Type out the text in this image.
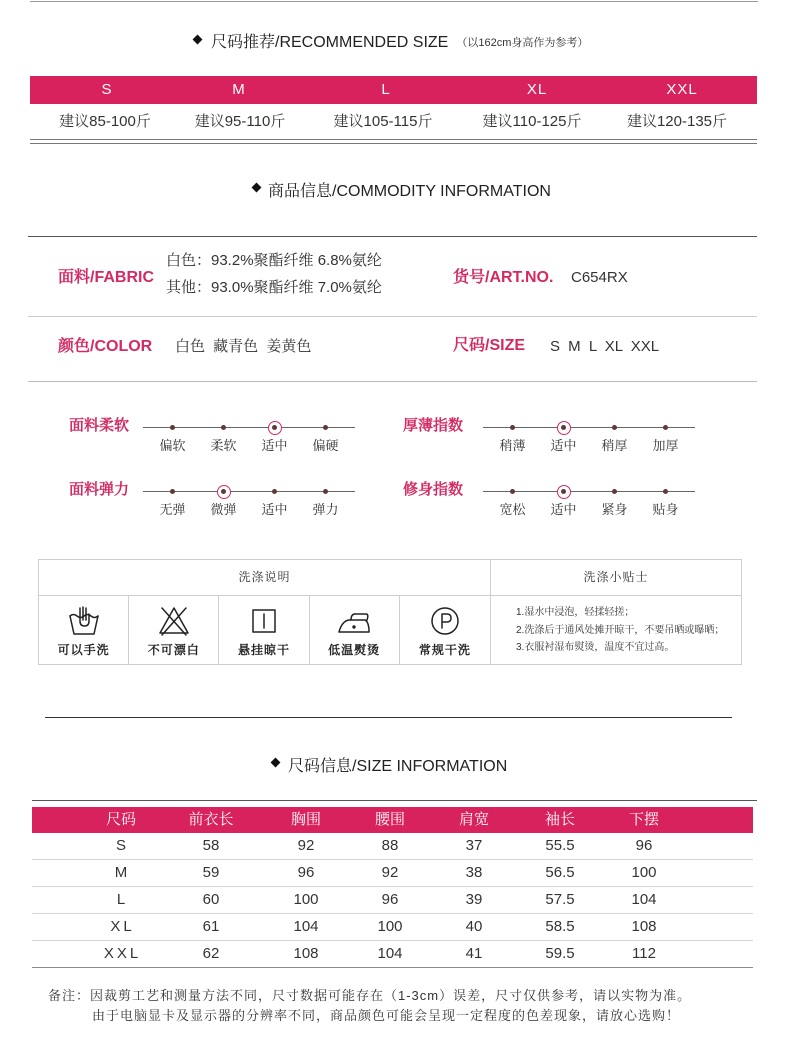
尺码推荐/RECOMMENDED SIZE （以162cm身高作为参考）
S	M	L	XL	XXL
建议85-100斤	建议95-110斤	建议105-115斤	建议110-125斤	建议120-135斤
商品信息/COMMODITY INFORMATION
面料/FABRIC
白色：93.2%聚酯纤维 6.8%氨纶
其他：93.0%聚酯纤维 7.0%氨纶
货号/ART.NO. C654RX
颜色/COLOR 白色 藏青色 姜黄色	尺码/SIZE S M L XL XXL
面料柔软
偏软 柔软 适中 偏硬
厚薄指数
稍薄 适中 稍厚 加厚
面料弹力
无弹 微弹 适中 弹力
修身指数
宽松 适中 紧身 贴身
洗涤说明	洗涤小贴士
可以手洗	不可漂白	悬挂晾干	低温熨烫	常规干洗
1.湿水中浸泡，轻揉轻搓；
2.洗涤后于通风处摊开晾干，不要吊晒或曝晒；
3.衣服衬湿布熨烫，温度不宜过高。
尺码信息/SIZE INFORMATION
尺码	前衣长	胸围	腰围	肩宽	袖长	下摆
S	58	92	88	37	55.5	96
M	59	96	92	38	56.5	100
L	60	100	96	39	57.5	104
XL	61	104	100	40	58.5	108
XXL	62	108	104	41	59.5	112
备注：因裁剪工艺和测量方法不同，尺寸数据可能存在（1-3cm）误差，尺寸仅供参考，请以实物为准。
由于电脑显卡及显示器的分辨率不同，商品颜色可能会呈现一定程度的色差现象，请放心选购！
